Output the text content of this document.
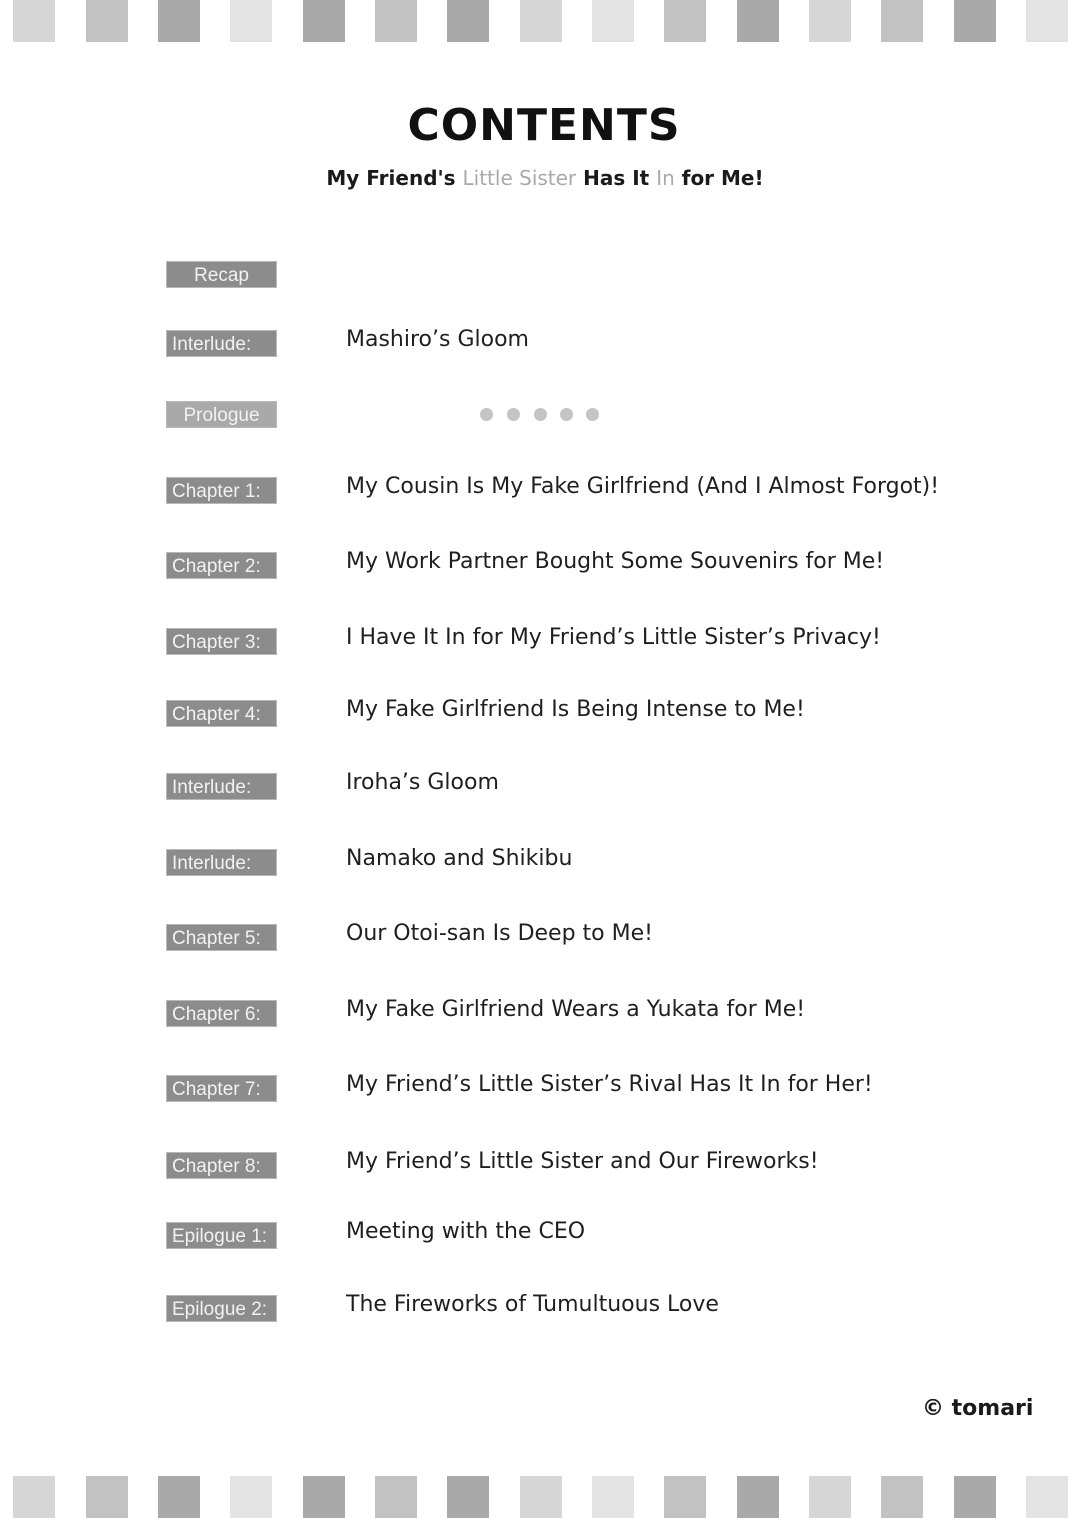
CONTENTS
My Friend's Little Sister Has It In for Me!
Recap
Interlude:	Mashiro’s Gloom
Prologue
Chapter 1:	My Cousin Is My Fake Girlfriend (And I Almost Forgot)!
Chapter 2:	My Work Partner Bought Some Souvenirs for Me!
Chapter 3:	I Have It In for My Friend’s Little Sister’s Privacy!
Chapter 4:	My Fake Girlfriend Is Being Intense to Me!
Interlude:	Iroha’s Gloom
Interlude:	Namako and Shikibu
Chapter 5:	Our Otoi-san Is Deep to Me!
Chapter 6:	My Fake Girlfriend Wears a Yukata for Me!
Chapter 7:	My Friend’s Little Sister’s Rival Has It In for Her!
Chapter 8:	My Friend’s Little Sister and Our Fireworks!
Epilogue 1:	Meeting with the CEO
Epilogue 2:	The Fireworks of Tumultuous Love
© tomari
